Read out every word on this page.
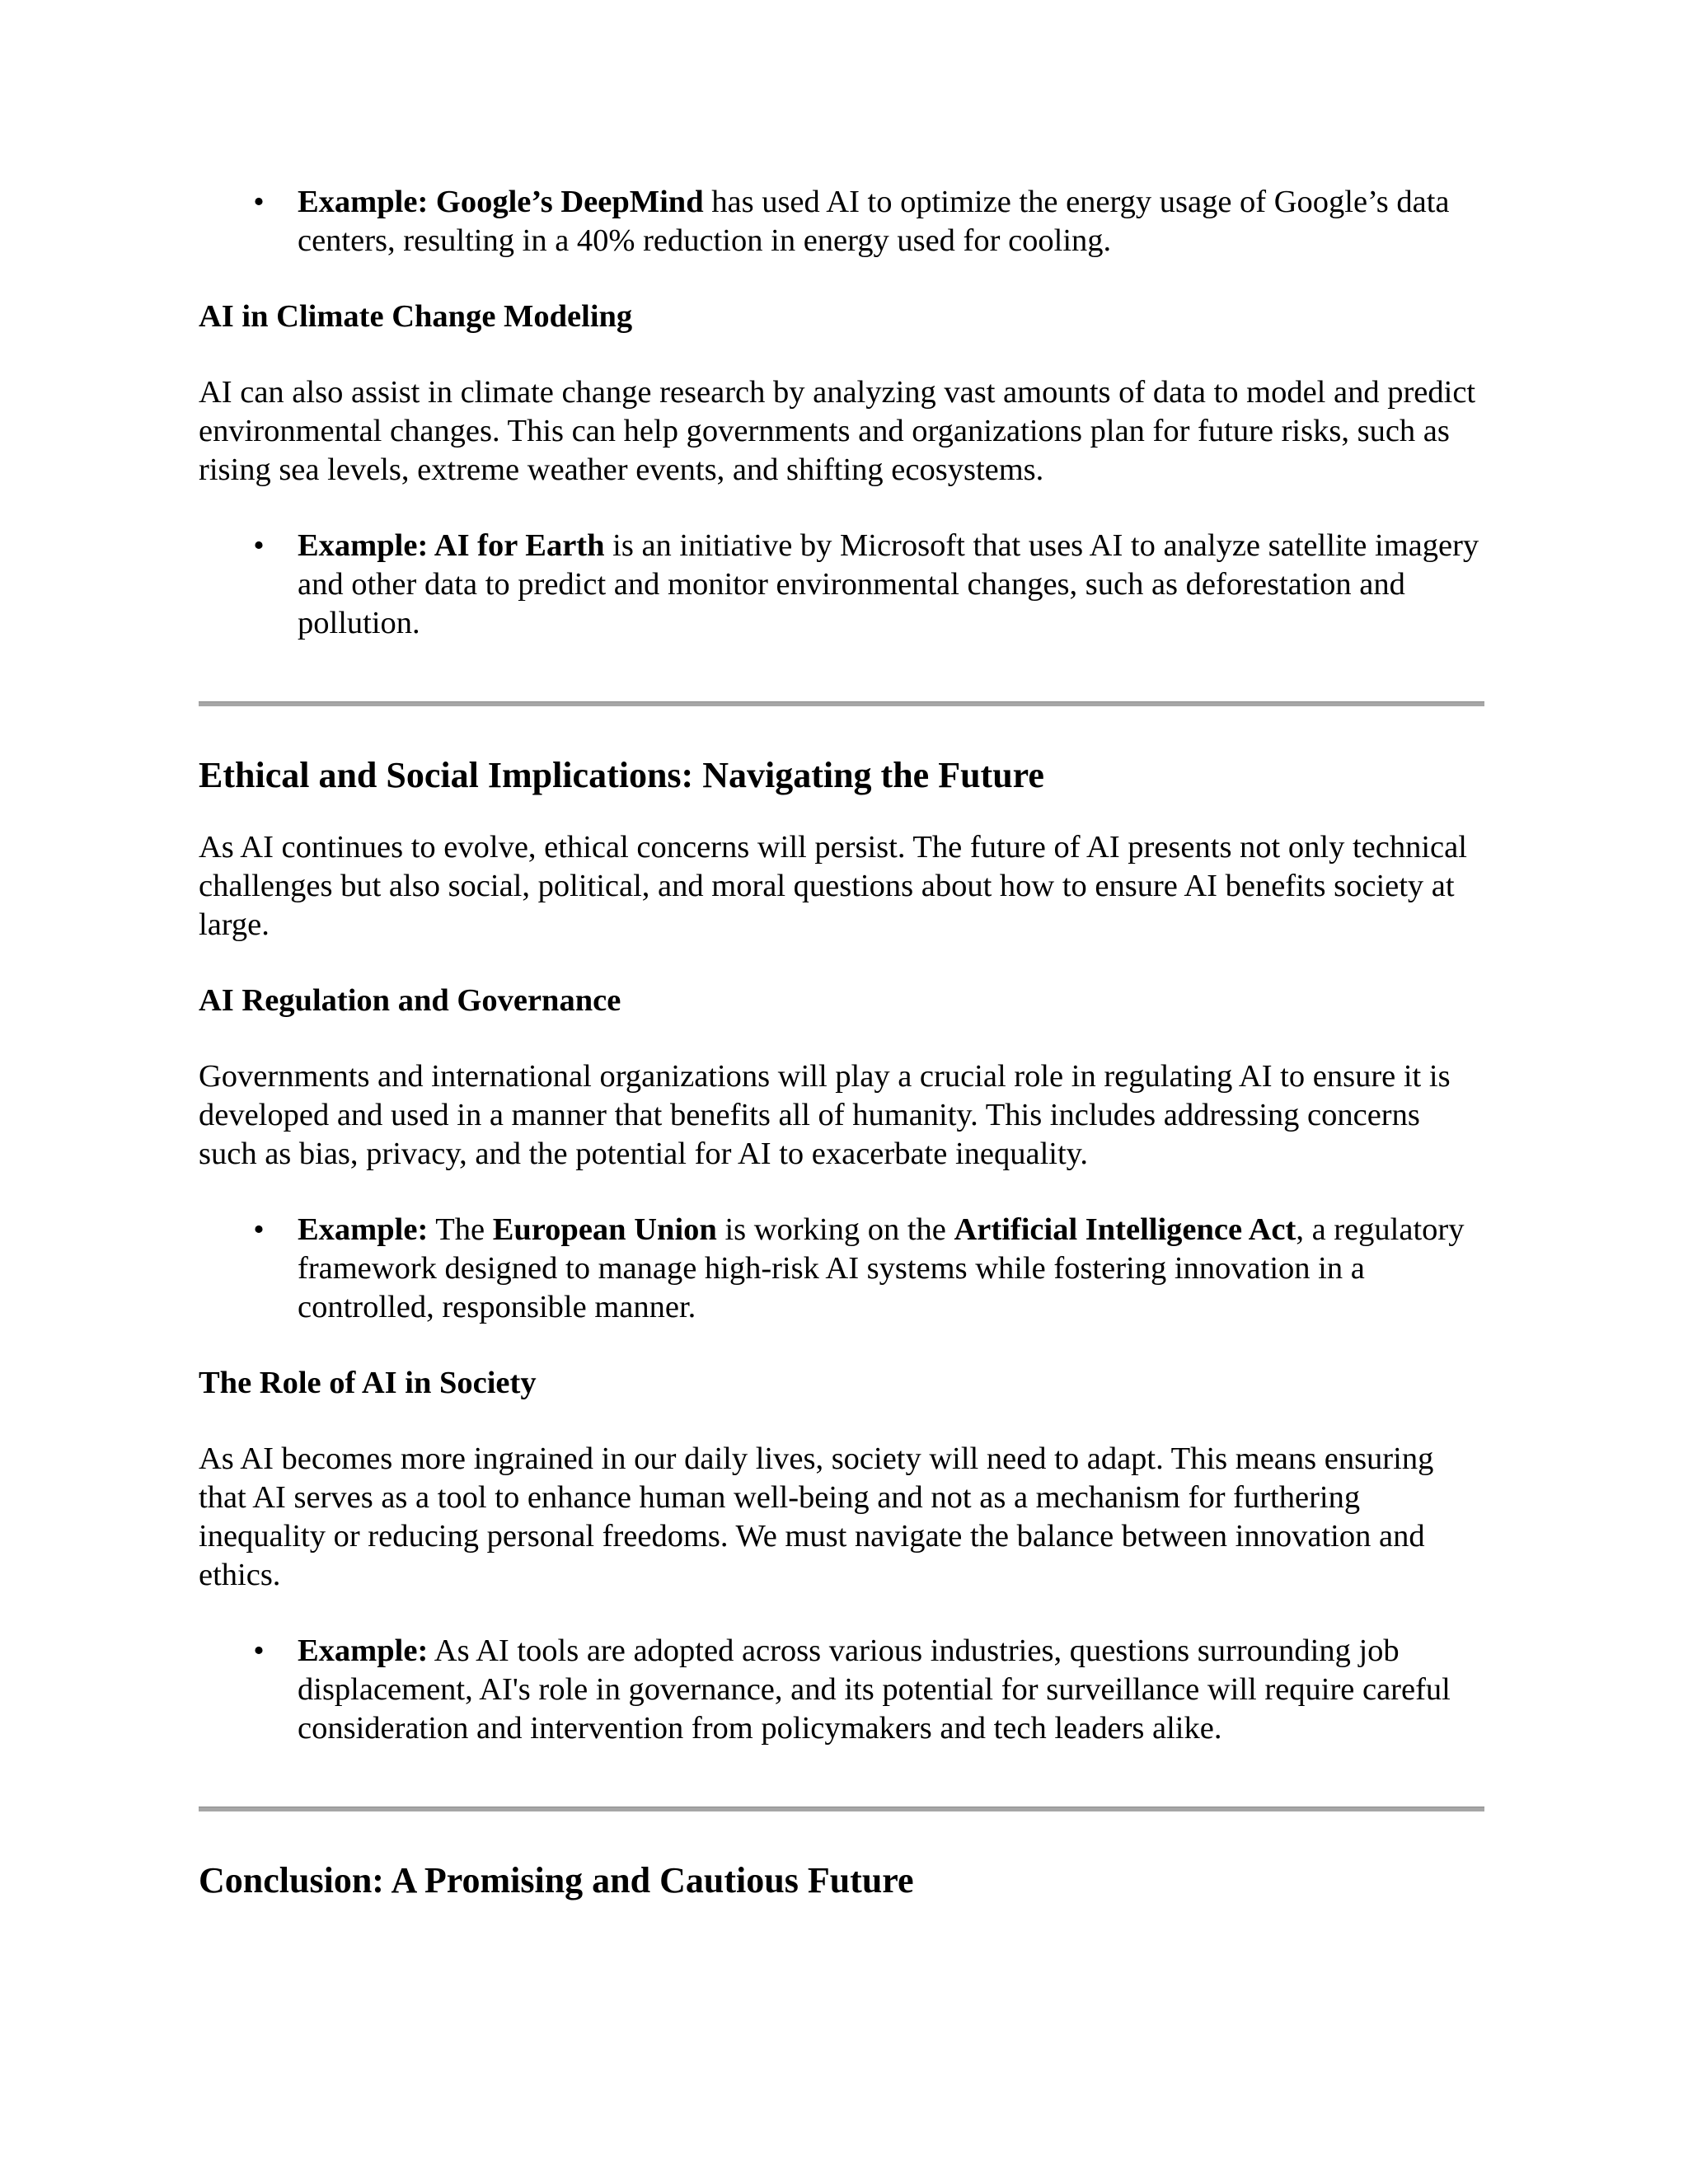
• Example: Google’s DeepMind has used AI to optimize the energy usage of Google’s data centers, resulting in a 40% reduction in energy used for cooling.
AI in Climate Change Modeling

AI can also assist in climate change research by analyzing vast amounts of data to model and predict environmental changes. This can help governments and organizations plan for future risks, such as rising sea levels, extreme weather events, and shifting ecosystems.

• Example: AI for Earth is an initiative by Microsoft that uses AI to analyze satellite imagery and other data to predict and monitor environmental changes, such as deforestation and pollution.
Ethical and Social Implications: Navigating the Future

As AI continues to evolve, ethical concerns will persist. The future of AI presents not only technical challenges but also social, political, and moral questions about how to ensure AI benefits society at large.

AI Regulation and Governance

Governments and international organizations will play a crucial role in regulating AI to ensure it is developed and used in a manner that benefits all of humanity. This includes addressing concerns such as bias, privacy, and the potential for AI to exacerbate inequality.

• Example: The European Union is working on the Artificial Intelligence Act, a regulatory framework designed to manage high-risk AI systems while fostering innovation in a controlled, responsible manner.
The Role of AI in Society

As AI becomes more ingrained in our daily lives, society will need to adapt. This means ensuring that AI serves as a tool to enhance human well-being and not as a mechanism for furthering inequality or reducing personal freedoms. We must navigate the balance between innovation and ethics.

• Example: As AI tools are adopted across various industries, questions surrounding job displacement, AI's role in governance, and its potential for surveillance will require careful consideration and intervention from policymakers and tech leaders alike.
Conclusion: A Promising and Cautious Future
